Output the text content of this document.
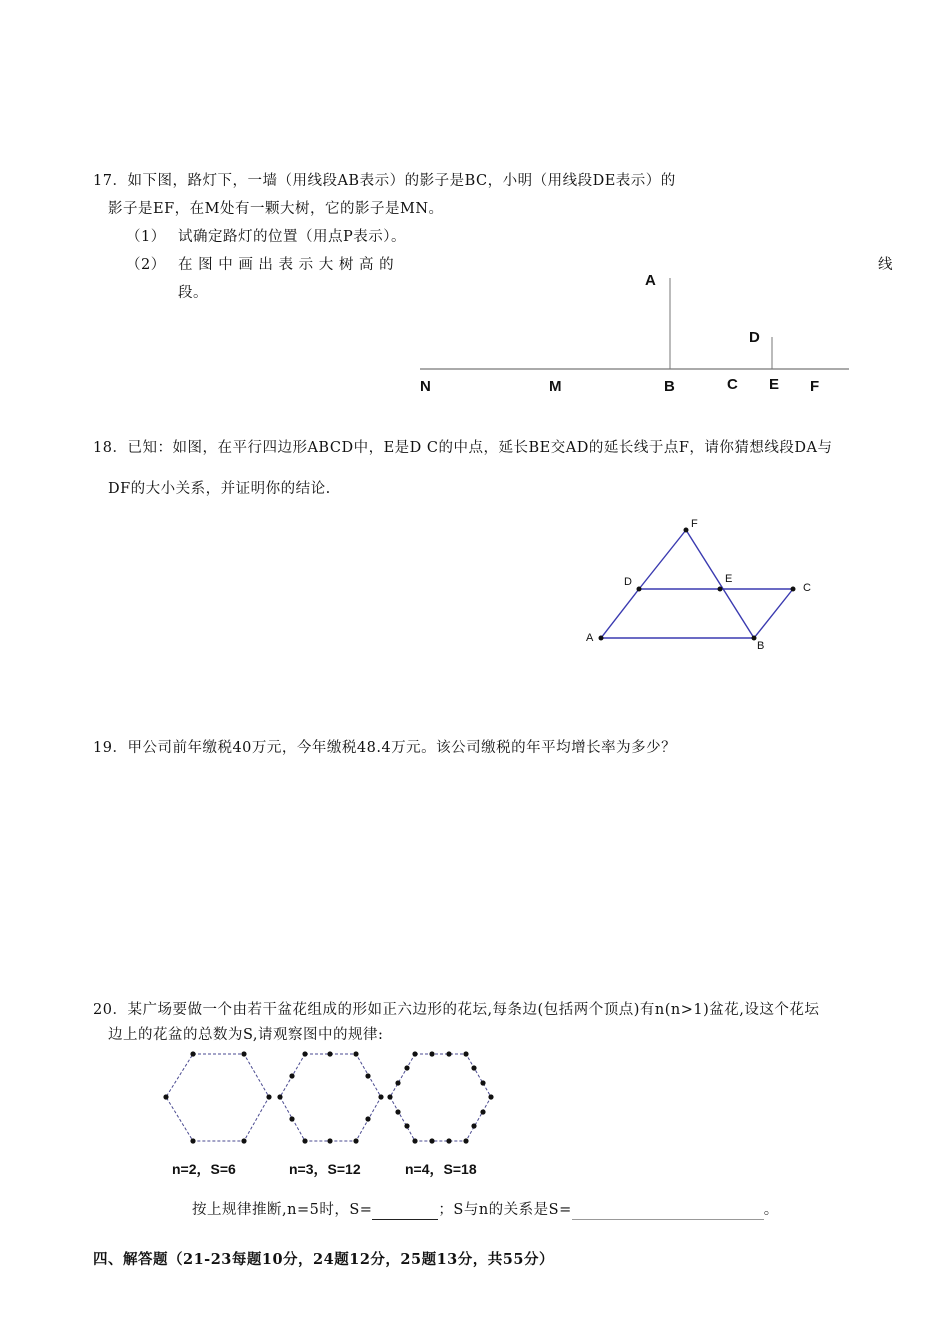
17．如下图，路灯下，一墙（用线段AB表示）的影子是BC，小明（用线段DE表示）的
影子是EF，在M处有一颗大树，它的影子是MN。
（1） 试确定路灯的位置（用点P表示）。
（2） 在 图 中 画 出 表 示 大 树 高 的	线
段。
A
D
N	M	B	C E F
18．已知：如图，在平行四边形ABCD中，E是D C的中点，延长BE交AD的延长线于点F，请你猜想线段DA与
DF的大小关系，并证明你的结论.
F
D	E
C
A
B
19．甲公司前年缴税40万元，今年缴税48.4万元。该公司缴税的年平均增长率为多少？
20．某广场要做一个由若干盆花组成的形如正六边形的花坛,每条边(包括两个顶点)有n(n>1)盆花,设这个花坛
边上的花盆的总数为S,请观察图中的规律:
n=2，S=6	n=3，S=12	n=4，S=18
按上规律推断,n=5时，S=	；S与n的关系是S=	。
四、解答题（21-23每题10分，24题12分，25题13分，共55分）
